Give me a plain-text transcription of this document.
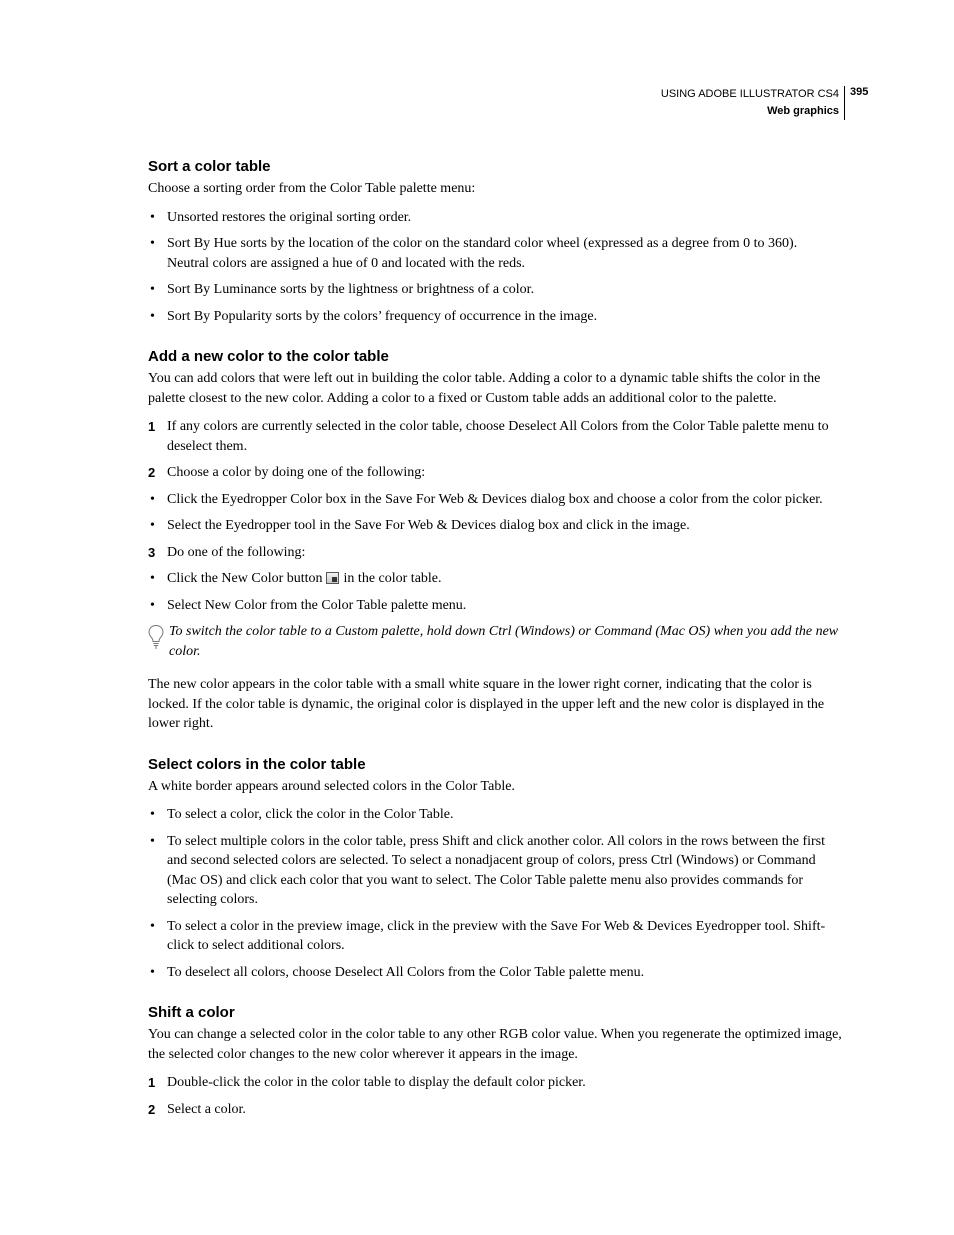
USING ADOBE ILLUSTRATOR CS4
Web graphics
395
Sort a color table

Choose a sorting order from the Color Table palette menu:

• Unsorted restores the original sorting order.
• Sort By Hue sorts by the location of the color on the standard color wheel (expressed as a degree from 0 to 360). Neutral colors are assigned a hue of 0 and located with the reds.
• Sort By Luminance sorts by the lightness or brightness of a color.
• Sort By Popularity sorts by the colors’ frequency of occurrence in the image.
Add a new color to the color table

You can add colors that were left out in building the color table. Adding a color to a dynamic table shifts the color in the palette closest to the new color. Adding a color to a fixed or Custom table adds an additional color to the palette.

1 If any colors are currently selected in the color table, choose Deselect All Colors from the Color Table palette menu to deselect them.
2 Choose a color by doing one of the following:
• Click the Eyedropper Color box in the Save For Web & Devices dialog box and choose a color from the color picker.
• Select the Eyedropper tool in the Save For Web & Devices dialog box and click in the image.
3 Do one of the following:
• Click the New Color button in the color table.
• Select New Color from the Color Table palette menu.
To switch the color table to a Custom palette, hold down Ctrl (Windows) or Command (Mac OS) when you add the new color.

The new color appears in the color table with a small white square in the lower right corner, indicating that the color is locked. If the color table is dynamic, the original color is displayed in the upper left and the new color is displayed in the lower right.

Select colors in the color table

A white border appears around selected colors in the Color Table.

• To select a color, click the color in the Color Table.
• To select multiple colors in the color table, press Shift and click another color. All colors in the rows between the first and second selected colors are selected. To select a nonadjacent group of colors, press Ctrl (Windows) or Command (Mac OS) and click each color that you want to select. The Color Table palette menu also provides commands for selecting colors.
• To select a color in the preview image, click in the preview with the Save For Web & Devices Eyedropper tool. Shift-click to select additional colors.
• To deselect all colors, choose Deselect All Colors from the Color Table palette menu.
Shift a color

You can change a selected color in the color table to any other RGB color value. When you regenerate the optimized image, the selected color changes to the new color wherever it appears in the image.

1 Double-click the color in the color table to display the default color picker.
2 Select a color.
